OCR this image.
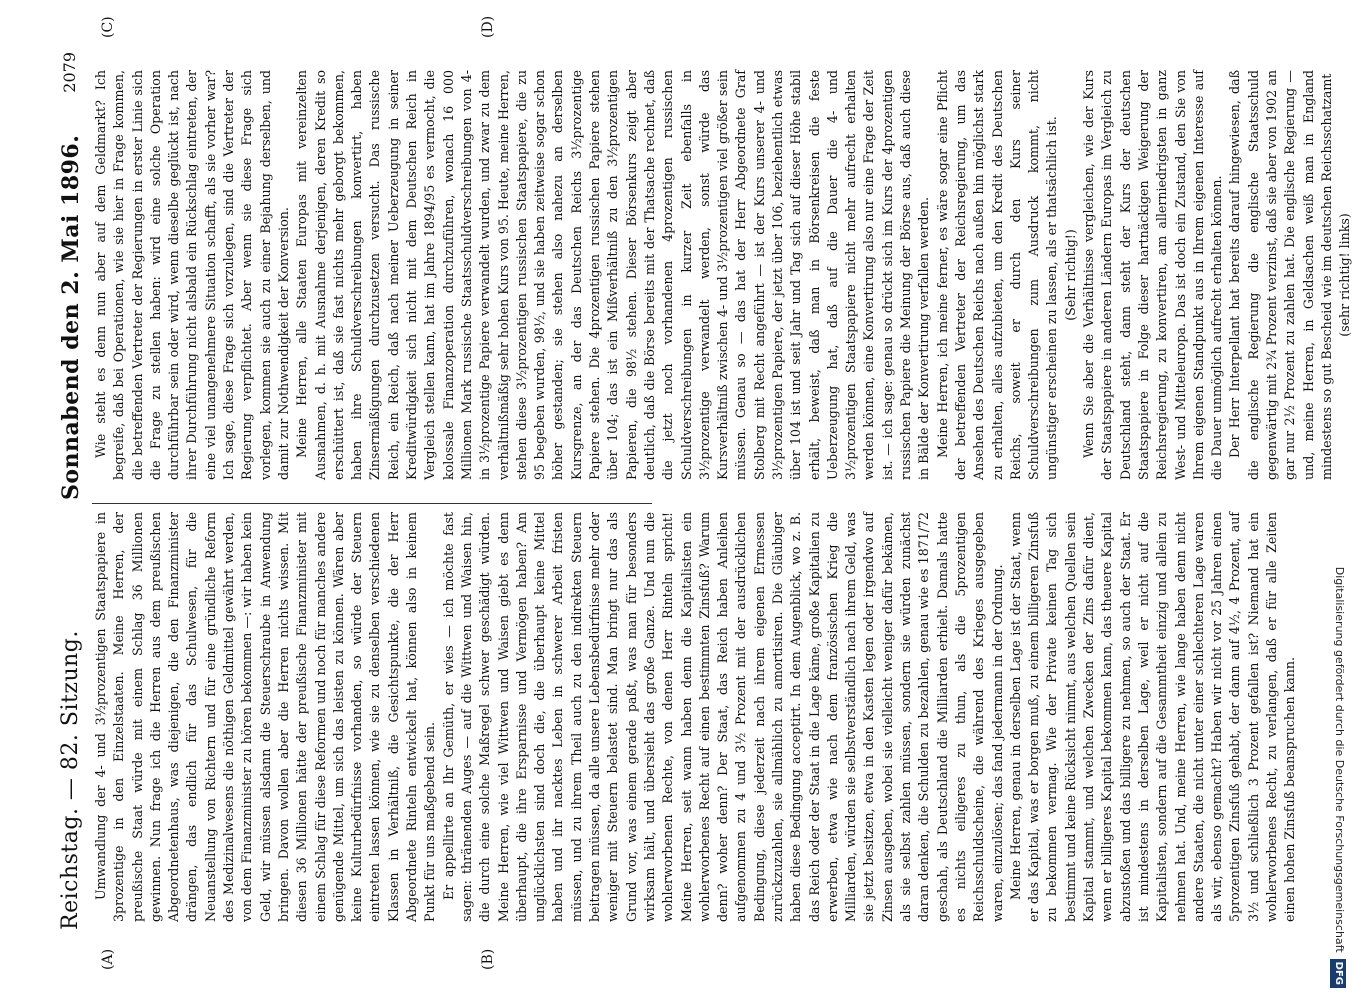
Reichstag. — 82. Sitzung.
Sonnabend den 2. Mai 1896.
2079
(A)	(B)
(C)	(D)

Umwandlung der 4- und 3½prozentigen Staatspapiere in 3prozentige in den Einzelstaaten. Meine Herren, der preußische Staat würde mit einem Schlag 36 Millionen gewinnen. Nun frage ich die Herren aus dem preußischen Abgeordnetenhaus, was diejenigen, die den Finanzminister drängen, das endlich für das Schulwesen, für die Neuanstellung von Richtern und für eine gründliche Reform des Medizinalwesens die nöthigen Geldmittel gewährt werden, von dem Finanzminister zu hören bekommen —: wir haben kein Geld, wir müssen alsdann die Steuerschraube in Anwendung bringen. Davon wollen aber die Herren nichts wissen. Mit diesen 36 Millionen hätte der preußische Finanzminister mit einem Schlag für diese Reformen und noch für manches andere genügende Mittel, um sich das leisten zu können. Wären aber keine Kulturbedürfnisse vorhanden, so würde der Steuern eintreten lassen können, wie sie zu denselben verschiedenen Klassen in Verhältniß, die Gesichtspunkte, die der Herr Abgeordnete Rinteln entwickelt hat, können also in keinem Punkt für uns maßgebend sein. Er appellirte an Ihr Gemüth, er wies — ich möchte fast sagen: thränenden Auges — auf die Wittwen und Waisen hin, die durch eine solche Maßregel schwer geschädigt würden. Meine Herren, wie viel Wittwen und Waisen giebt es denn überhaupt, die ihre Ersparnisse und Vermögen haben? Am unglücklichsten sind doch die, die überhaupt keine Mittel haben und ihr nacktes Leben in schwerer Arbeit fristen müssen, und zu ihrem Theil auch zu den indirekten Steuern beitragen müssen, da alle unsere Lebensbedürfnisse mehr oder weniger mit Steuern belastet sind. Man bringt nur das als Grund vor, was einem gerade paßt, was man für besonders wirksam hält, und übersieht das große Ganze. Und nun die wohlerworbenen Rechte, von denen Herr Rinteln spricht! Meine Herren, seit wann haben denn die Kapitalisten ein wohlerworbenes Recht auf einen bestimmten Zinsfuß? Warum denn? woher denn? Der Staat, das Reich haben Anleihen aufgenommen zu 4 und 3½ Prozent mit der ausdrücklichen Bedingung, diese jederzeit nach ihrem eigenen Ermessen zurückzuzahlen, sie allmählich zu amortisiren. Die Gläubiger haben diese Bedingung acceptirt. In dem Augenblick, wo z. B. das Reich oder der Staat in die Lage käme, große Kapitalien zu erwerben, etwa wie nach dem französischen Krieg die Milliarden, würden sie selbstverständlich nach ihrem Geld, was sie jetzt besitzen, etwa in den Kasten legen oder irgendwo auf Zinsen ausgeben, wobei sie vielleicht weniger dafür bekämen, als sie selbst zahlen müssen, sondern sie würden zunächst daran denken, die Schulden zu bezahlen, genau wie es 1871/72 geschah, als Deutschland die Milliarden erhielt. Damals hatte es nichts eiligeres zu thun, als die 5prozentigen Reichsschuldscheine, die während des Krieges ausgegeben waren, einzulösen; das fand jedermann in der Ordnung. Meine Herren, genau in derselben Lage ist der Staat, wenn er das Kapital, was er borgen muß, zu einem billigeren Zinsfuß zu bekommen vermag. Wie der Private keinen Tag sich bestimmt und keine Rücksicht nimmt, aus welchen Quellen sein Kapital stammt, und welchen Zwecken der Zins dafür dient, wenn er billigeres Kapital bekommen kann, das theuere Kapital abzustoßen und das billigere zu nehmen, so auch der Staat. Er ist mindestens in derselben Lage, weil er nicht auf die Kapitalisten, sondern auf die Gesammtheit einzig und allein zu nehmen hat. Und, meine Herren, wie lange haben denn nicht andere Staaten, die nicht unter einer schlechteren Lage waren als wir, ebenso gemacht? Haben wir nicht vor 25 Jahren einen 5prozentigen Zinsfuß gehabt, der dann auf 4½, 4 Prozent, auf 3½ und schließlich 3 Prozent gefallen ist? Niemand hat ein wohlerworbenes Recht, zu verlangen, daß er für alle Zeiten einen hohen Zinsfuß beanspruchen kann.

Wie steht es denn nun aber auf dem Geldmarkt? Ich begreife, daß bei Operationen, wie sie hier in Frage kommen, die betreffenden Vertreter der Regierungen in erster Linie sich die Frage zu stellen haben: wird eine solche Operation durchführbar sein oder wird, wenn dieselbe geglückt ist, nach ihrer Durchführung nicht alsbald ein Rückschlag eintreten, der eine viel unangenehmere Situation schafft, als sie vorher war? Ich sage, diese Frage sich vorzulegen, sind die Vertreter der Regierung verpflichtet. Aber wenn sie diese Frage sich vorlegen, kommen sie auch zu einer Bejahung derselben, und damit zur Nothwendigkeit der Konversion. Meine Herren, alle Staaten Europas mit vereinzelten Ausnahmen, d. h. mit Ausnahme derjenigen, deren Kredit so erschüttert ist, daß sie fast nichts mehr geborgt bekommen, haben ihre Schuldverschreibungen konvertirt, haben Zinsermäßigungen durchzusetzen versucht. Das russische Reich, ein Reich, daß nach meiner Ueberzeugung in seiner Kreditwürdigkeit sich nicht mit dem Deutschen Reich in Vergleich stellen kann, hat im Jahre 1894/95 es vermocht, die kolossale Finanzoperation durchzuführen, wonach 16 000 Millionen Mark russische Staatsschuldverschreibungen von 4- in 3½prozentige Papiere verwandelt wurden, und zwar zu dem verhältnißmäßig sehr hohen Kurs von 95. Heute, meine Herren, stehen diese 3½prozentigen russischen Staatspapiere, die zu 95 begeben wurden, 98½, und sie haben zeitweise sogar schon höher gestanden; sie stehen also nahezu an derselben Kursgrenze, an der das Deutschen Reichs 3½prozentige Papiere stehen. Die 4prozentigen russischen Papiere stehen über 104; das ist ein Mißverhältniß zu den 3½prozentigen Papieren, die 98½ stehen. Dieser Börsenkurs zeigt aber deutlich, daß die Börse bereits mit der Thatsache rechnet, daß die jetzt noch vorhandenen 4prozentigen russischen Schuldverschreibungen in kurzer Zeit ebenfalls in 3½prozentige verwandelt werden, sonst würde das Kursverhältniß zwischen 4- und 3½prozentigen viel größer sein müssen. Genau so — das hat der Herr Abgeordnete Graf Stolberg mit Recht angeführt — ist der Kurs unserer 4- und 3½prozentigen Papiere, der jetzt über 106, beziehentlich etwas über 104 ist und seit Jahr und Tag sich auf dieser Höhe stabil erhält, beweist, daß man in Börsenkreisen die feste Ueberzeugung hat, daß auf die Dauer die 4- und 3½prozentigen Staatspapiere nicht mehr aufrecht erhalten werden können, eine Konvertirung also nur eine Frage der Zeit ist. — ich sage: genau so drückt sich im Kurs der 4prozentigen russischen Papiere die Meinung der Börse aus, daß auch diese in Bälde der Konvertirung verfallen werden. Meine Herren, ich meine ferner, es wäre sogar eine Pflicht der betreffenden Vertreter der Reichsregierung, um das Ansehen des Deutschen Reichs nach außen hin möglichst stark zu erhalten, alles aufzubieten, um den Kredit des Deutschen Reichs, soweit er durch den Kurs seiner Schuldverschreibungen zum Ausdruck kommt, nicht ungünstiger erscheinen zu lassen, als er thatsächlich ist. (Sehr richtig!) Wenn Sie aber die Verhältnisse vergleichen, wie der Kurs der Staatspapiere in anderen Ländern Europas im Vergleich zu Deutschland steht, dann steht der Kurs der deutschen Staatspapiere in Folge dieser hartnäckigen Weigerung der Reichsregierung, zu konvertiren, am allerniedrigsten in ganz West- und Mitteleuropa. Das ist doch ein Zustand, den Sie von Ihrem eigenen Standpunkt aus in Ihrem eigenen Interesse auf die Dauer unmöglich aufrecht erhalten können. Der Herr Interpellant hat bereits darauf hingewiesen, daß die englische Regierung die englische Staatsschuld gegenwärtig mit 2¾ Prozent verzinst, daß sie aber von 1902 an gar nur 2½ Prozent zu zahlen hat. Die englische Regierung — und, meine Herren, in Geldsachen weiß man in England mindestens so gut Bescheid wie im deutschen Reichsschatzamt (sehr richtig! links)

Digitalisierung gefördert durch die Deutsche ForschungsgemeinschaftDFG
